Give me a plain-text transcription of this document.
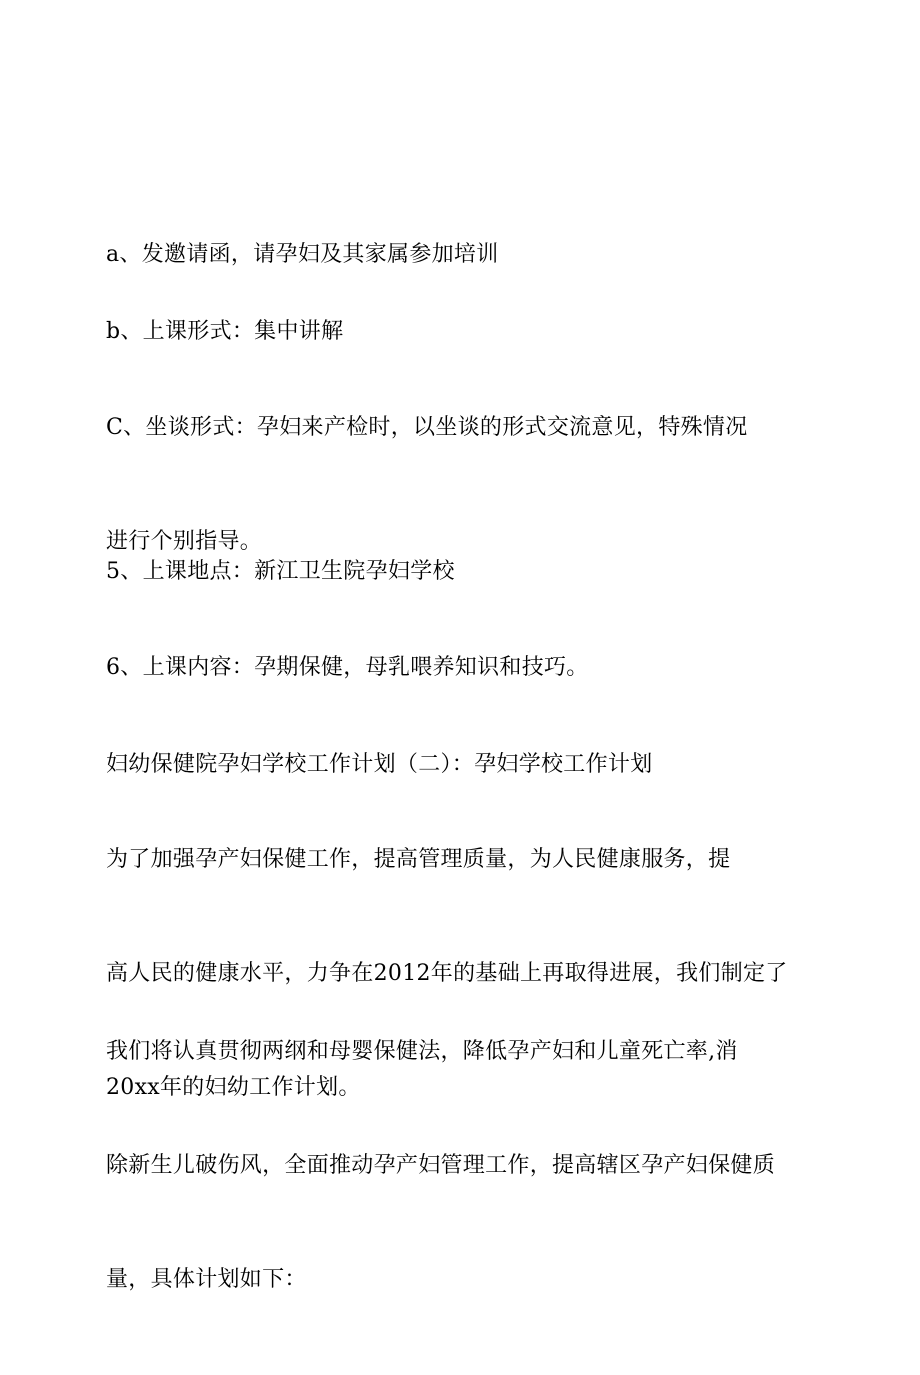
a、发邀请函，请孕妇及其家属参加培训

b、上课形式：集中讲解

C、坐谈形式：孕妇来产检时，以坐谈的形式交流意见，特殊情况

进行个别指导。

5、上课地点：新江卫生院孕妇学校

6、上课内容：孕期保健，母乳喂养知识和技巧。

妇幼保健院孕妇学校工作计划（二）：孕妇学校工作计划

为了加强孕产妇保健工作，提高管理质量，为人民健康服务，提

高人民的健康水平，力争在2012年的基础上再取得进展，我们制定了

20xx年的妇幼工作计划。

我们将认真贯彻两纲和母婴保健法，降低孕产妇和儿童死亡率,消

除新生儿破伤风，全面推动孕产妇管理工作，提高辖区孕产妇保健质

量，具体计划如下：
